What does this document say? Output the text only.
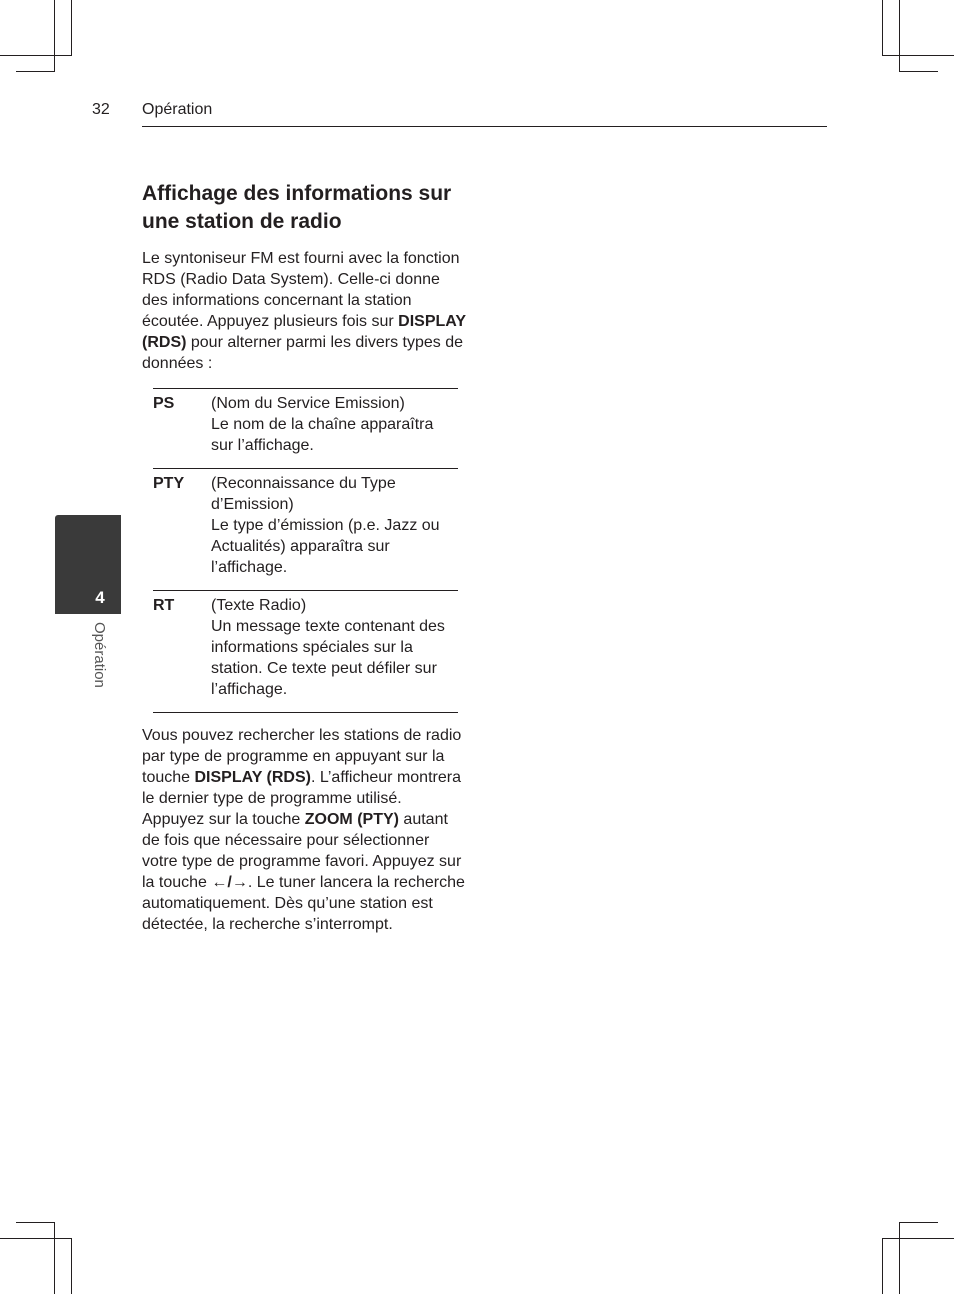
32 Opération
4
Opération
Affichage des informations sur une station de radio

Le syntoniseur FM est fourni avec la fonction RDS (Radio Data System). Celle-ci donne des informations concernant la station écoutée. Appuyez plusieurs fois sur DISPLAY (RDS) pour alterner parmi les divers types de données :

PS	(Nom du Service Emission)
Le nom de la chaîne apparaîtra sur l’affichage.

PTY	(Reconnaissance du Type d’Emission)
Le type d’émission (p.e. Jazz ou Actualités) apparaîtra sur l’affichage.

RT	(Texte Radio)
Un message texte contenant des informations spéciales sur la station. Ce texte peut défiler sur l’affichage.

Vous pouvez rechercher les stations de radio par type de programme en appuyant sur la touche DISPLAY (RDS). L’afficheur montrera le dernier type de programme utilisé. Appuyez sur la touche ZOOM (PTY) autant de fois que nécessaire pour sélectionner votre type de programme favori. Appuyez sur la touche ←/→. Le tuner lancera la recherche automatiquement. Dès qu’une station est détectée, la recherche s’interrompt.
